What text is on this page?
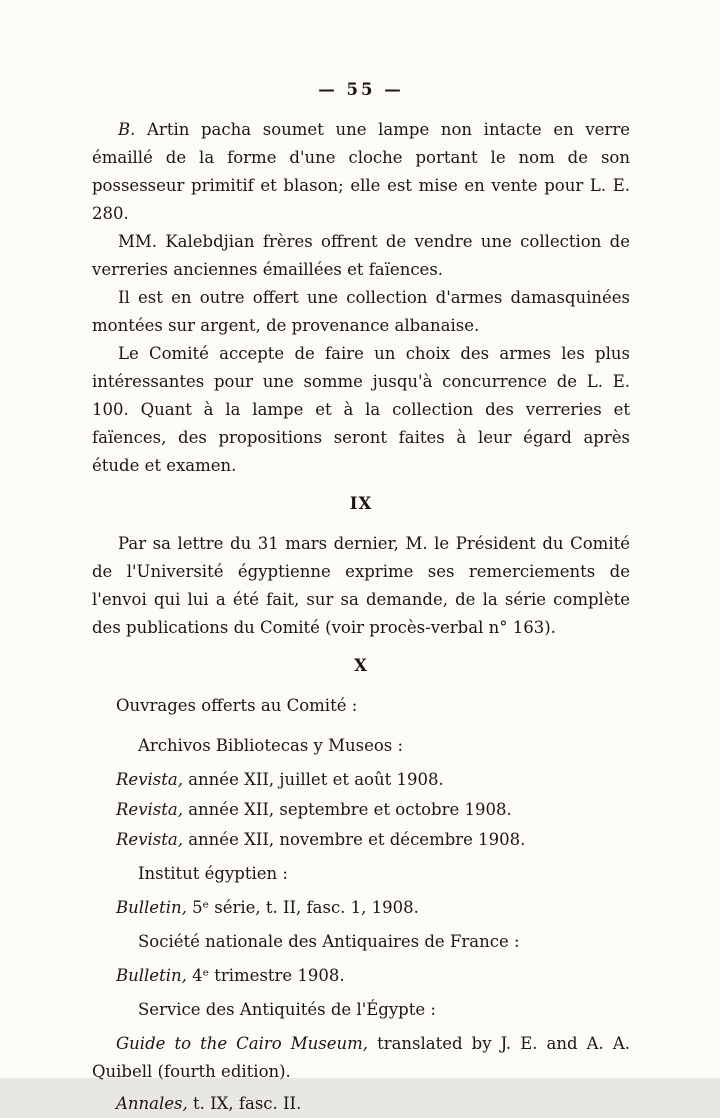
— 55 —

B. Artin pacha soumet une lampe non intacte en verre émaillé de la forme d'une cloche portant le nom de son possesseur primitif et blason; elle est mise en vente pour L. E. 280.

MM. Kalebdjian frères offrent de vendre une collection de verreries anciennes émaillées et faïences.

Il est en outre offert une collection d'armes damasquinées montées sur argent, de provenance albanaise.

Le Comité accepte de faire un choix des armes les plus intéressantes pour une somme jusqu'à concurrence de L. E. 100. Quant à la lampe et à la collection des verreries et faïences, des propositions seront faites à leur égard après étude et examen.

IX

Par sa lettre du 31 mars dernier, M. le Président du Comité de l'Université égyptienne exprime ses remerciements de l'envoi qui lui a été fait, sur sa demande, de la série complète des publications du Comité (voir procès-verbal n° 163).

X

Ouvrages offerts au Comité :

Archivos Bibliotecas y Museos :

Revista, année XII, juillet et août 1908.

Revista, année XII, septembre et octobre 1908.

Revista, année XII, novembre et décembre 1908.

Institut égyptien :

Bulletin, 5ᵉ série, t. II, fasc. 1, 1908.

Société nationale des Antiquaires de France :

Bulletin, 4ᵉ trimestre 1908.

Service des Antiquités de l'Égypte :

Guide to the Cairo Museum, translated by J. E. and A. A. Quibell (fourth edition).

Annales, t. IX, fasc. II.
